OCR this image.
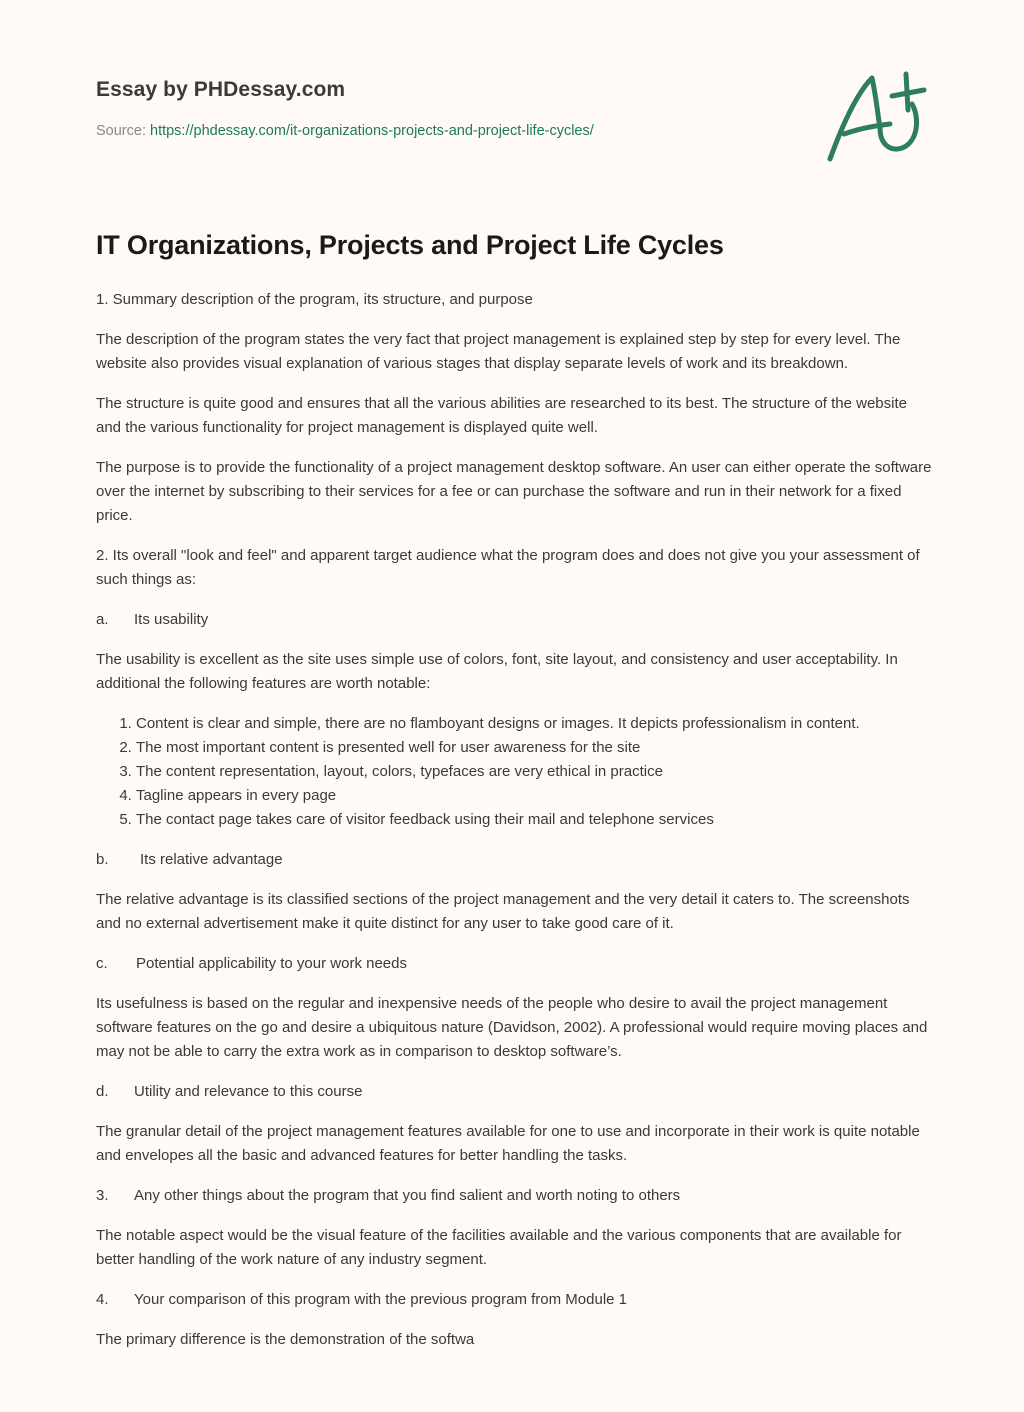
Essay by PHDessay.com
Source: https://phdessay.com/it-organizations-projects-and-project-life-cycles/
IT Organizations, Projects and Project Life Cycles

1. Summary description of the program, its structure, and purpose

The description of the program states the very fact that project management is explained step by step for every level. The website also provides visual explanation of various stages that display separate levels of work and its breakdown.

The structure is quite good and ensures that all the various abilities are researched to its best. The structure of the website and the various functionality for project management is displayed quite well.

The purpose is to provide the functionality of a project management desktop software. An user can either operate the software over the internet by subscribing to their services for a fee or can purchase the software and run in their network for a fixed price.

2. Its overall "look and feel" and apparent target audience what the program does and does not give you your assessment of such things as:

a. Its usability

The usability is excellent as the site uses simple use of colors, font, site layout, and consistency and user acceptability. In additional the following features are worth notable:

1. Content is clear and simple, there are no flamboyant designs or images. It depicts professionalism in content.
2. The most important content is presented well for user awareness for the site
3. The content representation, layout, colors, typefaces are very ethical in practice
4. Tagline appears in every page
5. The contact page takes care of visitor feedback using their mail and telephone services

b. Its relative advantage

The relative advantage is its classified sections of the project management and the very detail it caters to. The screenshots and no external advertisement make it quite distinct for any user to take good care of it.

c. Potential applicability to your work needs

Its usefulness is based on the regular and inexpensive needs of the people who desire to avail the project management software features on the go and desire a ubiquitous nature (Davidson, 2002). A professional would require moving places and may not be able to carry the extra work as in comparison to desktop software’s.

d. Utility and relevance to this course

The granular detail of the project management features available for one to use and incorporate in their work is quite notable and envelopes all the basic and advanced features for better handling the tasks.

3. Any other things about the program that you find salient and worth noting to others

The notable aspect would be the visual feature of the facilities available and the various components that are available for better handling of the work nature of any industry segment.

4. Your comparison of this program with the previous program from Module 1

The primary difference is the demonstration of the softwa
